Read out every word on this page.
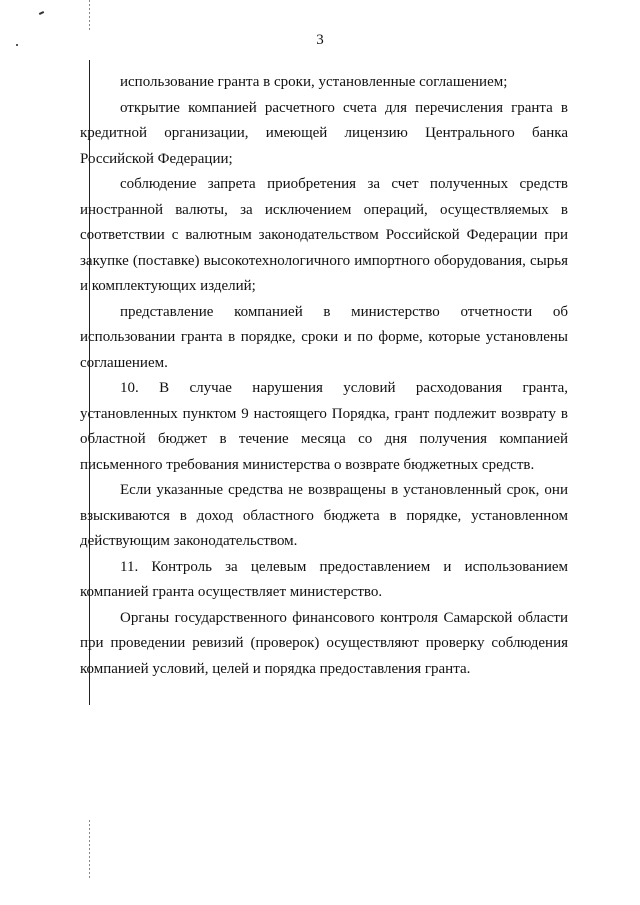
3

использование гранта в сроки, установленные соглашением;

открытие компанией расчетного счета для перечисления гранта в кредитной организации, имеющей лицензию Центрального банка Российской Федерации;

соблюдение запрета приобретения за счет полученных средств иностранной валюты, за исключением операций, осуществляемых в соответствии с валютным законодательством Российской Федерации при закупке (поставке) высокотехнологичного импортного оборудования, сырья и комплектующих изделий;

представление компанией в министерство отчетности об использовании гранта в порядке, сроки и по форме, которые установлены соглашением.

10. В случае нарушения условий расходования гранта, установленных пунктом 9 настоящего Порядка, грант подлежит возврату в областной бюджет в течение месяца со дня получения компанией письменного требования министерства о возврате бюджетных средств.

Если указанные средства не возвращены в установленный срок, они взыскиваются в доход областного бюджета в порядке, установленном действующим законодательством.

11. Контроль за целевым предоставлением и использованием компанией гранта осуществляет министерство.

Органы государственного финансового контроля Самарской области при проведении ревизий (проверок) осуществляют проверку соблюдения компанией условий, целей и порядка предоставления гранта.
